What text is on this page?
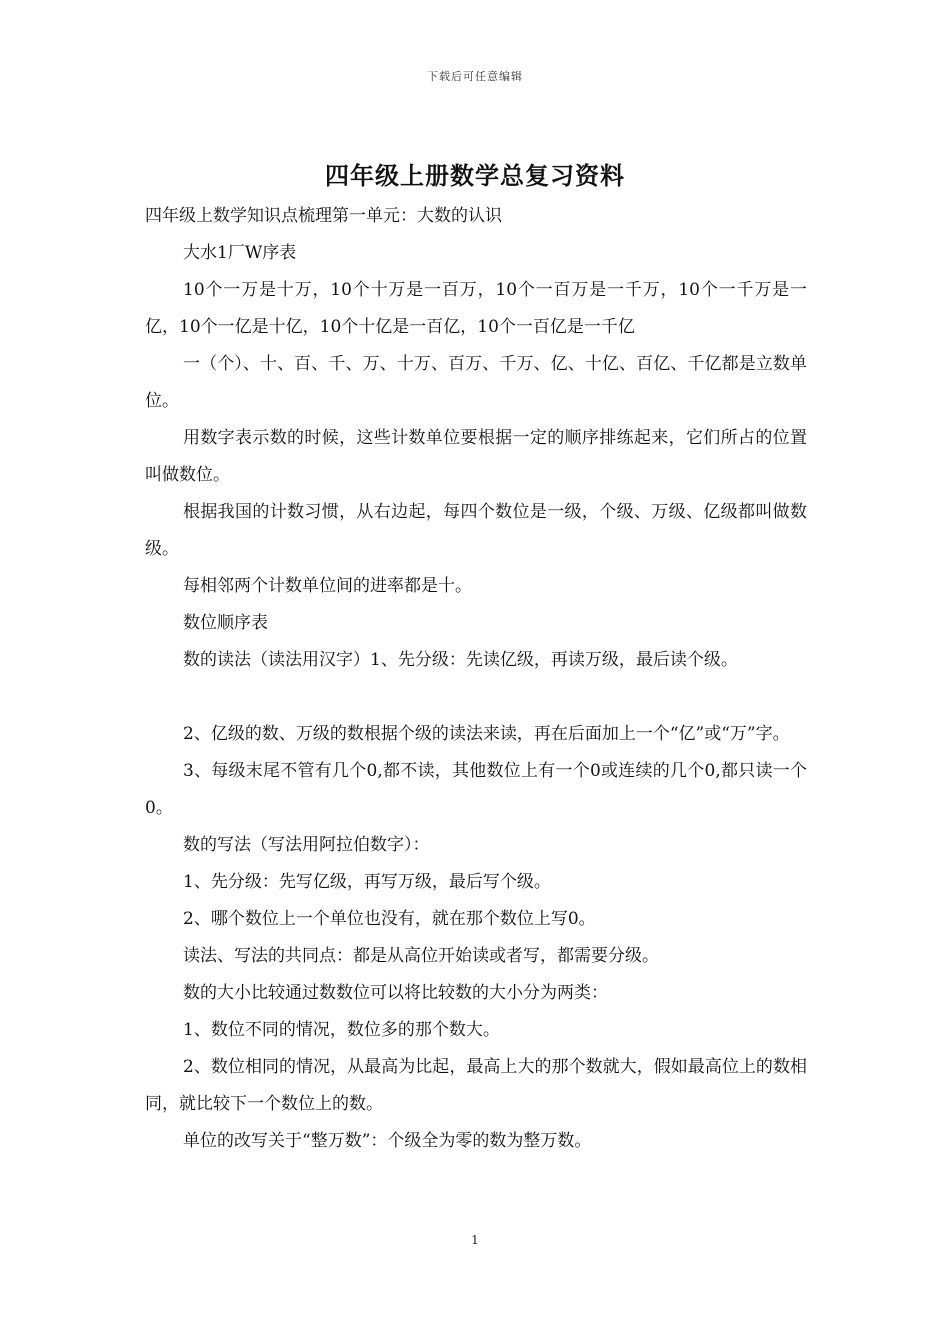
下载后可任意编辑
四年级上册数学总复习资料

四年级上数学知识点梳理第一单元：大数的认识

大水1厂W序表

10个一万是十万，10个十万是一百万，10个一百万是一千万，10个一千万是一亿，10个一亿是十亿，10个十亿是一百亿，10个一百亿是一千亿

一（个）、十、百、千、万、十万、百万、千万、亿、十亿、百亿、千亿都是立数单位。

用数字表示数的时候，这些计数单位要根据一定的顺序排练起来，它们所占的位置叫做数位。

根据我国的计数习惯，从右边起，每四个数位是一级，个级、万级、亿级都叫做数级。

每相邻两个计数单位间的进率都是十。

数位顺序表

数的读法（读法用汉字）1、先分级：先读亿级，再读万级，最后读个级。

2、亿级的数、万级的数根据个级的读法来读，再在后面加上一个“亿”或“万”字。

3、每级末尾不管有几个0,都不读，其他数位上有一个0或连续的几个0,都只读一个0。

数的写法（写法用阿拉伯数字）：

1、先分级：先写亿级，再写万级，最后写个级。

2、哪个数位上一个单位也没有，就在那个数位上写0。

读法、写法的共同点：都是从高位开始读或者写，都需要分级。

数的大小比较通过数数位可以将比较数的大小分为两类：

1、数位不同的情况，数位多的那个数大。

2、数位相同的情况，从最高为比起，最高上大的那个数就大，假如最高位上的数相同，就比较下一个数位上的数。

单位的改写关于“整万数”：个级全为零的数为整万数。

1
